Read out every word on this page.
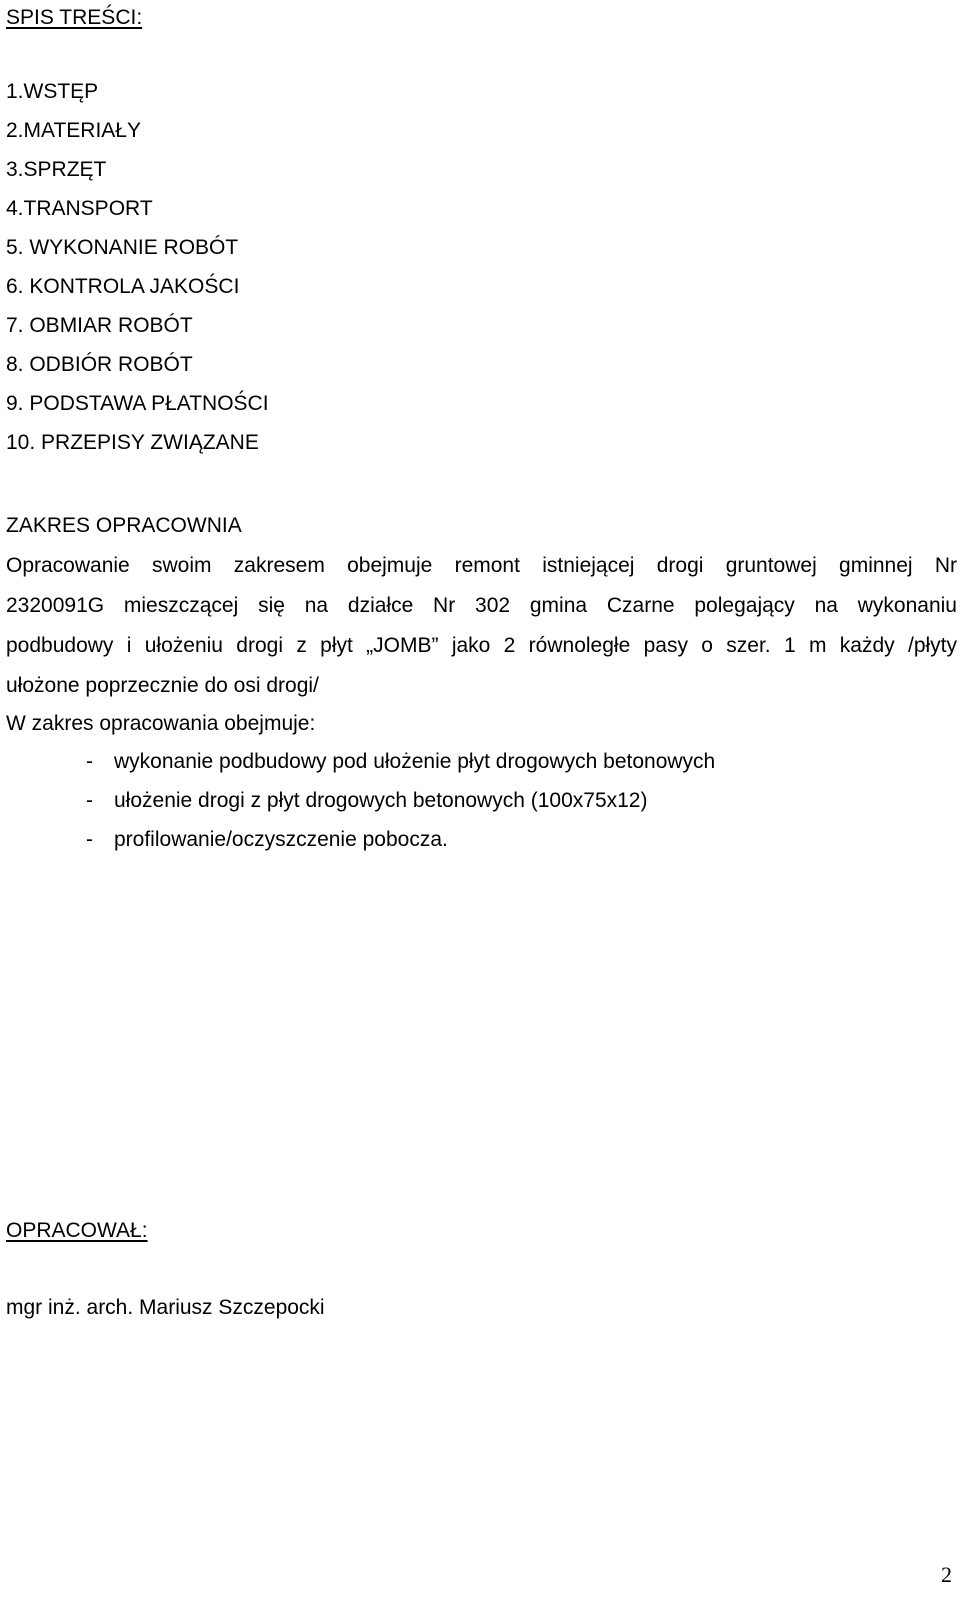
SPIS TREŚCI:
1.WSTĘP
2.MATERIAŁY
3.SPRZĘT
4.TRANSPORT
5. WYKONANIE ROBÓT
6. KONTROLA JAKOŚCI
7. OBMIAR ROBÓT
8. ODBIÓR ROBÓT
9. PODSTAWA PŁATNOŚCI
10. PRZEPISY ZWIĄZANE
ZAKRES OPRACOWNIA
Opracowanie swoim zakresem obejmuje remont istniejącej drogi gruntowej gminnej Nr
2320091G mieszczącej się na działce Nr 302 gmina Czarne polegający na wykonaniu
podbudowy i ułożeniu drogi z płyt „JOMB” jako 2 równoległe pasy o szer. 1 m każdy /płyty
ułożone poprzecznie do osi drogi/
W zakres opracowania obejmuje:
- wykonanie podbudowy pod ułożenie płyt drogowych betonowych
- ułożenie drogi z płyt drogowych betonowych (100x75x12)
- profilowanie/oczyszczenie pobocza.
OPRACOWAŁ:
mgr inż. arch. Mariusz Szczepocki
2
